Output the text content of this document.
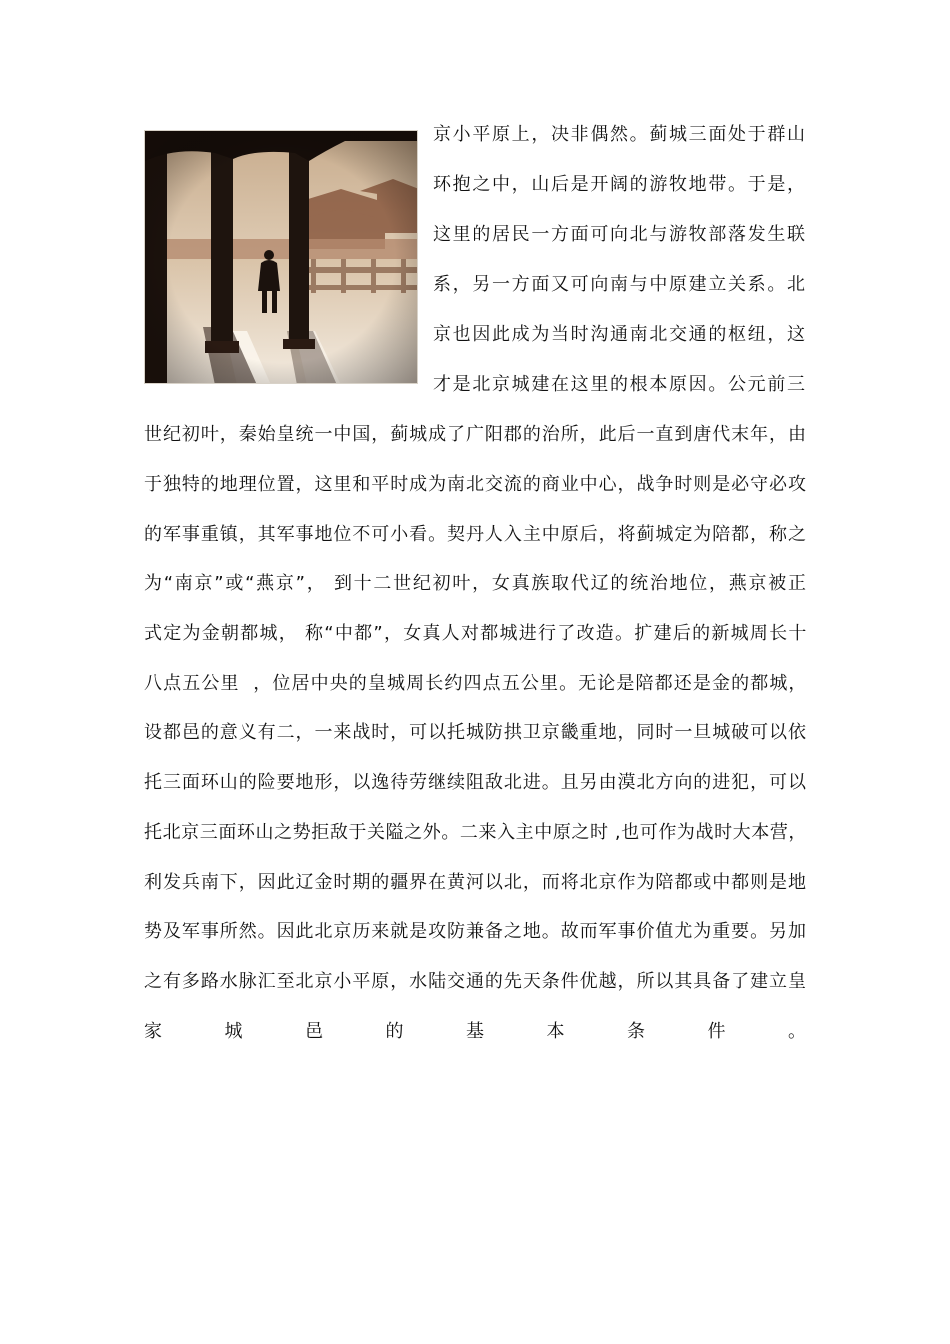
京小平原上，决非偶然。蓟城三面处于群山
环抱之中，山后是开阔的游牧地带。于是，
这里的居民一方面可向北与游牧部落发生联
系，另一方面又可向南与中原建立关系。北
京也因此成为当时沟通南北交通的枢纽，这
才是北京城建在这里的根本原因。公元前三
世纪初叶，秦始皇统一中国，蓟城成了广阳郡的治所，此后一直到唐代末年，由
于独特的地理位置，这里和平时成为南北交流的商业中心，战争时则是必守必攻
的军事重镇，其军事地位不可小看。契丹人入主中原后，将蓟城定为陪都，称之
为“南京”或“燕京”， 到十二世纪初叶，女真族取代辽的统治地位，燕京被正
式定为金朝都城， 称“中都”，女真人对都城进行了改造。扩建后的新城周长十
八点五公里  ，位居中央的皇城周长约四点五公里。无论是陪都还是金的都城，
设都邑的意义有二，一来战时，可以托城防拱卫京畿重地，同时一旦城破可以依
托三面环山的险要地形，以逸待劳继续阻敌北进。且另由漠北方向的进犯，可以
托北京三面环山之势拒敌于关隘之外。二来入主中原之时 ,也可作为战时大本营，
利发兵南下，因此辽金时期的疆界在黄河以北，而将北京作为陪都或中都则是地
势及军事所然。因此北京历来就是攻防兼备之地。故而军事价值尤为重要。另加
之有多路水脉汇至北京小平原，水陆交通的先天条件优越，所以其具备了建立皇
家城邑的基本条件。
